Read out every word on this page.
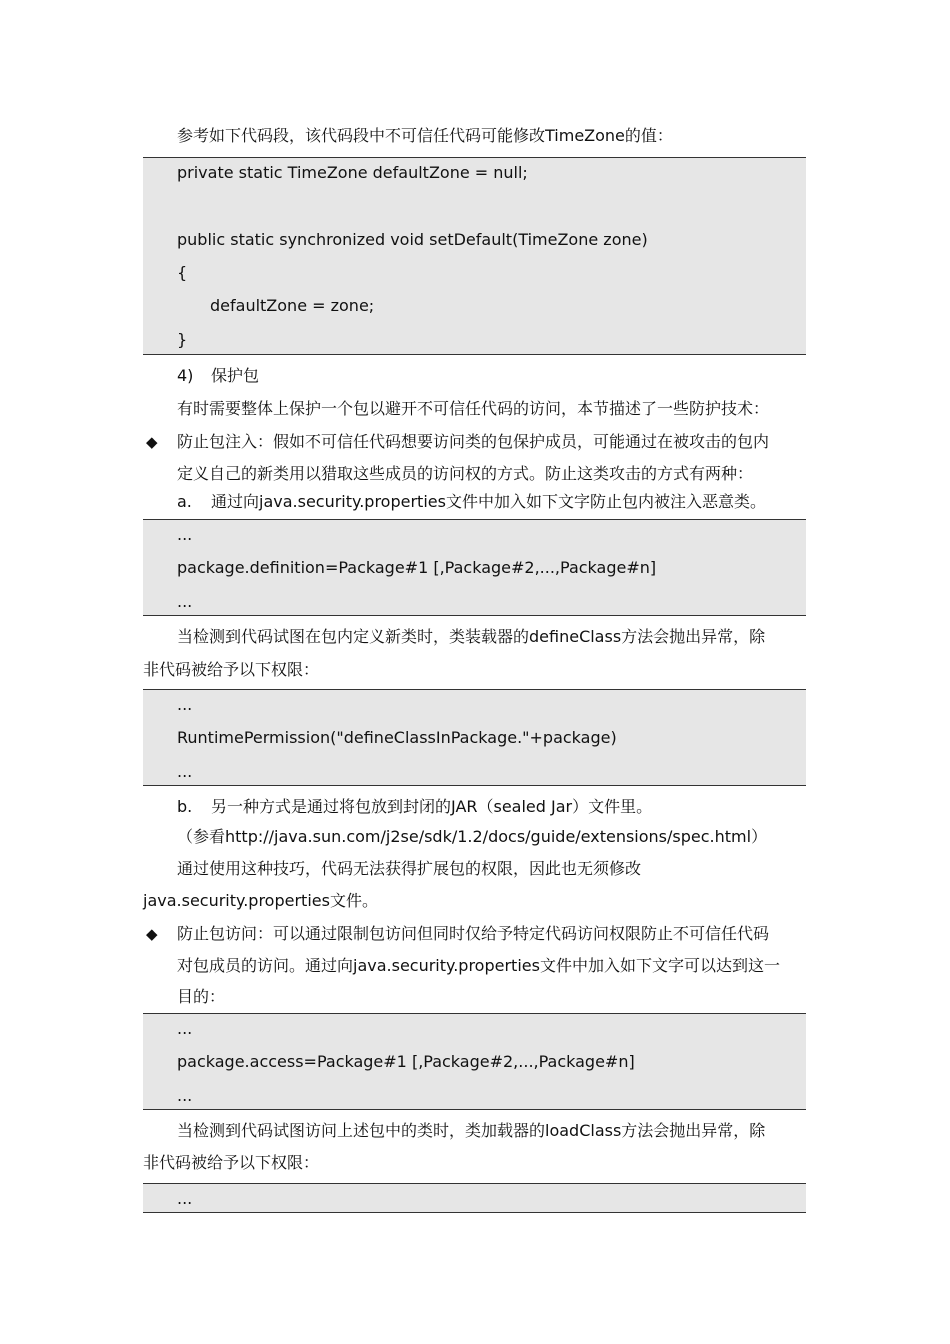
参考如下代码段，该代码段中不可信任代码可能修改TimeZone的值：
private static TimeZone defaultZone = null;
public static synchronized void setDefault(TimeZone zone)
{
defaultZone = zone;
}
4) 保护包
有时需要整体上保护一个包以避开不可信任代码的访问，本节描述了一些防护技术：
◆ 防止包注入：假如不可信任代码想要访问类的包保护成员，可能通过在被攻击的包内
定义自己的新类用以猎取这些成员的访问权的方式。防止这类攻击的方式有两种：
a. 通过向java.security.properties文件中加入如下文字防止包内被注入恶意类。
...
package.definition=Package#1 [,Package#2,...,Package#n]
...
当检测到代码试图在包内定义新类时，类装载器的defineClass方法会抛出异常，除
非代码被给予以下权限：
...
RuntimePermission("defineClassInPackage."+package)
...
b. 另一种方式是通过将包放到封闭的JAR（sealed Jar）文件里。
（参看http://java.sun.com/j2se/sdk/1.2/docs/guide/extensions/spec.html）
通过使用这种技巧，代码无法获得扩展包的权限，因此也无须修改
java.security.properties文件。
◆ 防止包访问：可以通过限制包访问但同时仅给予特定代码访问权限防止不可信任代码
对包成员的访问。通过向java.security.properties文件中加入如下文字可以达到这一
目的：
...
package.access=Package#1 [,Package#2,...,Package#n]
...
当检测到代码试图访问上述包中的类时，类加载器的loadClass方法会抛出异常，除
非代码被给予以下权限：
...
